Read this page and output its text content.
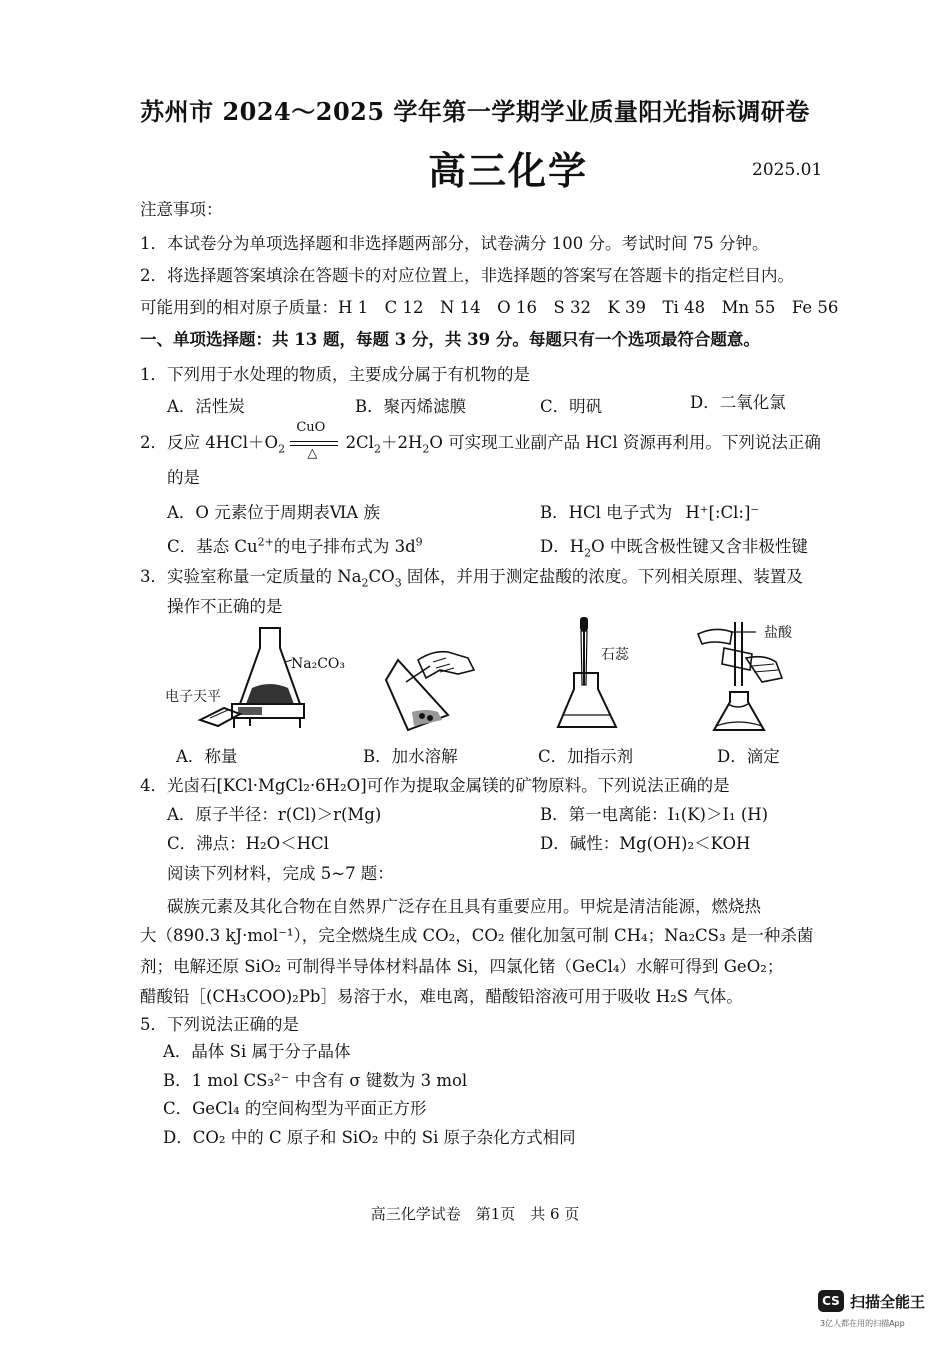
苏州市 2024～2025 学年第一学期学业质量阳光指标调研卷
高三化学	2025.01
注意事项：
1．本试卷分为单项选择题和非选择题两部分，试卷满分 100 分。考试时间 75 分钟。
2．将选择题答案填涂在答题卡的对应位置上，非选择题的答案写在答题卡的指定栏目内。
可能用到的相对原子质量：H 1　C 12　N 14　O 16　S 32　K 39　Ti 48　Mn 55　Fe 56
一、单项选择题：共 13 题，每题 3 分，共 39 分。每题只有一个选项最符合题意。
1．下列用于水处理的物质，主要成分属于有机物的是
A．活性炭	B．聚丙烯滤膜	C．明矾	D．二氧化氯
2．反应 $4HCl+O_2$
CuO
△
$2Cl_2+2H_2O$ 可实现工业副产品 HCl 资源再利用。下列说法正确
的是
A．O 元素位于周期表ⅥA 族	B．HCl 电子式为 H⁺[:Cl:]⁻
C．基态 $Cu^{2+}$的电子排布式为 $3d^9$	D．$H_2O$ 中既含极性键又含非极性键
3．实验室称量一定质量的 $Na_2CO_3$ 固体，并用于测定盐酸的浓度。下列相关原理、装置及
操作不正确的是
Na₂CO₃
电子天平
石蕊
盐酸
A．称量	B．加水溶解	C．加指示剂	D．滴定
4．光卤石[KCl·MgCl₂·6H₂O]可作为提取金属镁的矿物原料。下列说法正确的是
A．原子半径：r(Cl)＞r(Mg)	B．第一电离能：I₁(K)＞I₁ (H)
C．沸点：H₂O＜HCl	D．碱性：Mg(OH)₂＜KOH
阅读下列材料，完成 5~7 题：
碳族元素及其化合物在自然界广泛存在且具有重要应用。甲烷是清洁能源，燃烧热
大（890.3 kJ·mol⁻¹），完全燃烧生成 CO₂，CO₂ 催化加氢可制 CH₄；Na₂CS₃ 是一种杀菌
剂；电解还原 SiO₂ 可制得半导体材料晶体 Si，四氯化锗（GeCl₄）水解可得到 GeO₂；
醋酸铅［(CH₃COO)₂Pb］易溶于水，难电离，醋酸铅溶液可用于吸收 H₂S 气体。
5．下列说法正确的是
A．晶体 Si 属于分子晶体
B．1 mol CS₃²⁻ 中含有 σ 键数为 3 mol
C．GeCl₄ 的空间构型为平面正方形
D．CO₂ 中的 C 原子和 SiO₂ 中的 Si 原子杂化方式相同
高三化学试卷　第1页　共 6 页
CS 扫描全能王
3亿人都在用的扫描App
